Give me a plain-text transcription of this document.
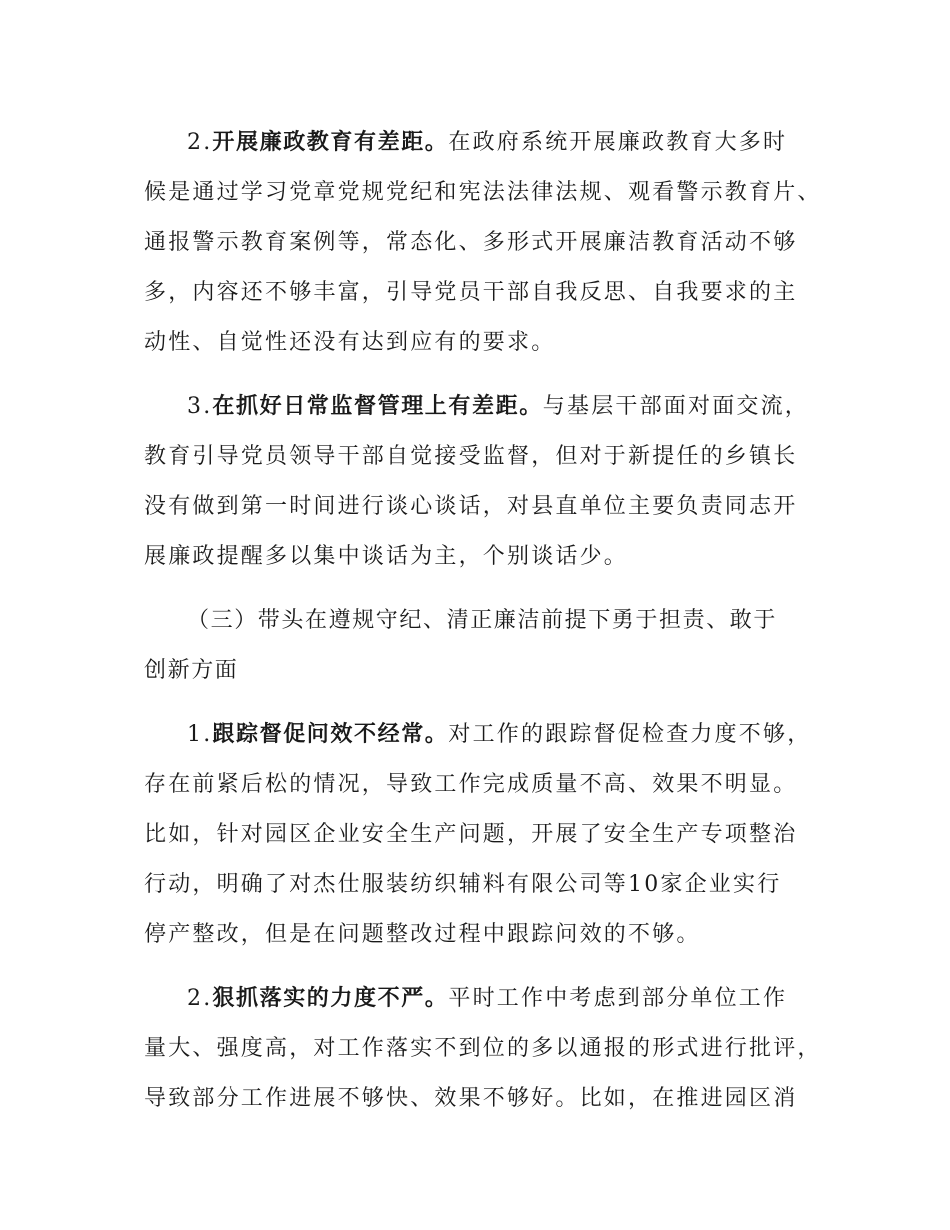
2.开展廉政教育有差距。在政府系统开展廉政教育大多时
候是通过学习党章党规党纪和宪法法律法规、观看警示教育片、
通报警示教育案例等，常态化、多形式开展廉洁教育活动不够
多，内容还不够丰富，引导党员干部自我反思、自我要求的主
动性、自觉性还没有达到应有的要求。
3.在抓好日常监督管理上有差距。与基层干部面对面交流，
教育引导党员领导干部自觉接受监督，但对于新提任的乡镇长
没有做到第一时间进行谈心谈话，对县直单位主要负责同志开
展廉政提醒多以集中谈话为主，个别谈话少。
（三）带头在遵规守纪、清正廉洁前提下勇于担责、敢于
创新方面
1.跟踪督促问效不经常。对工作的跟踪督促检查力度不够，
存在前紧后松的情况，导致工作完成质量不高、效果不明显。
比如，针对园区企业安全生产问题，开展了安全生产专项整治
行动，明确了对杰仕服装纺织辅料有限公司等10家企业实行
停产整改，但是在问题整改过程中跟踪问效的不够。
2.狠抓落实的力度不严。平时工作中考虑到部分单位工作
量大、强度高，对工作落实不到位的多以通报的形式进行批评，
导致部分工作进展不够快、效果不够好。比如，在推进园区消
